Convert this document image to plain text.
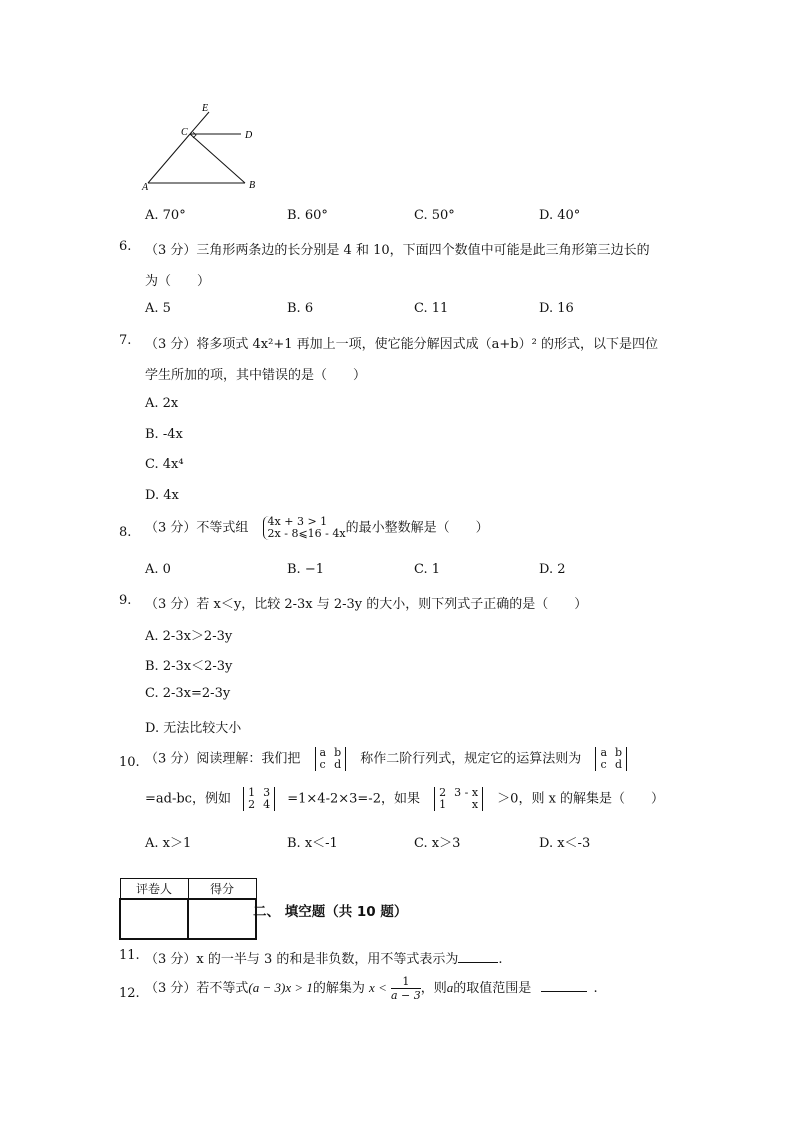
E
C	D
A	B
A. 70°	B. 60°	C. 50°	D. 40°
6. （3 分）三角形两条边的长分别是 4 和 10，下面四个数值中可能是此三角形第三边长的
为（　　）
A. 5	B. 6	C. 11	D. 16
7. （3 分）将多项式 4x²+1 再加上一项，使它能分解因式成（a+b）² 的形式，以下是四位
学生所加的项，其中错误的是（　　）
A. 2x
B. -4x
C. 4x⁴
D. 4x
8. （3 分）不等式组 4x + 3 > 1
2x - 8⩽16 - 4x 的最小整数解是（　　）
A. 0	B. −1	C. 1	D. 2
9. （3 分）若 x＜y，比较 2-3x 与 2-3y 的大小，则下列式子正确的是（　　）
A. 2-3x＞2-3y
B. 2-3x＜2-3y
C. 2-3x=2-3y
D. 无法比较大小
10. （3 分）阅读理解：我们把 a b
c d 称作二阶行列式，规定它的运算法则为 a b
c d
=ad-bc，例如 1 3
2 4 =1×4-2×3=-2，如果 2 3 - x
1 x ＞0，则 x 的解集是（　　）
A. x＞1	B. x＜-1	C. x＞3	D. x＜-3
评卷人	得分

二、 填空题（共 10 题）
11. （3 分）x 的一半与 3 的和是非负数，用不等式表示为	.
12. （3 分）若不等式(a − 3)x > 1的解集为 $x < \frac{1}{a - 3}$ ，则a的取值范围是	.
